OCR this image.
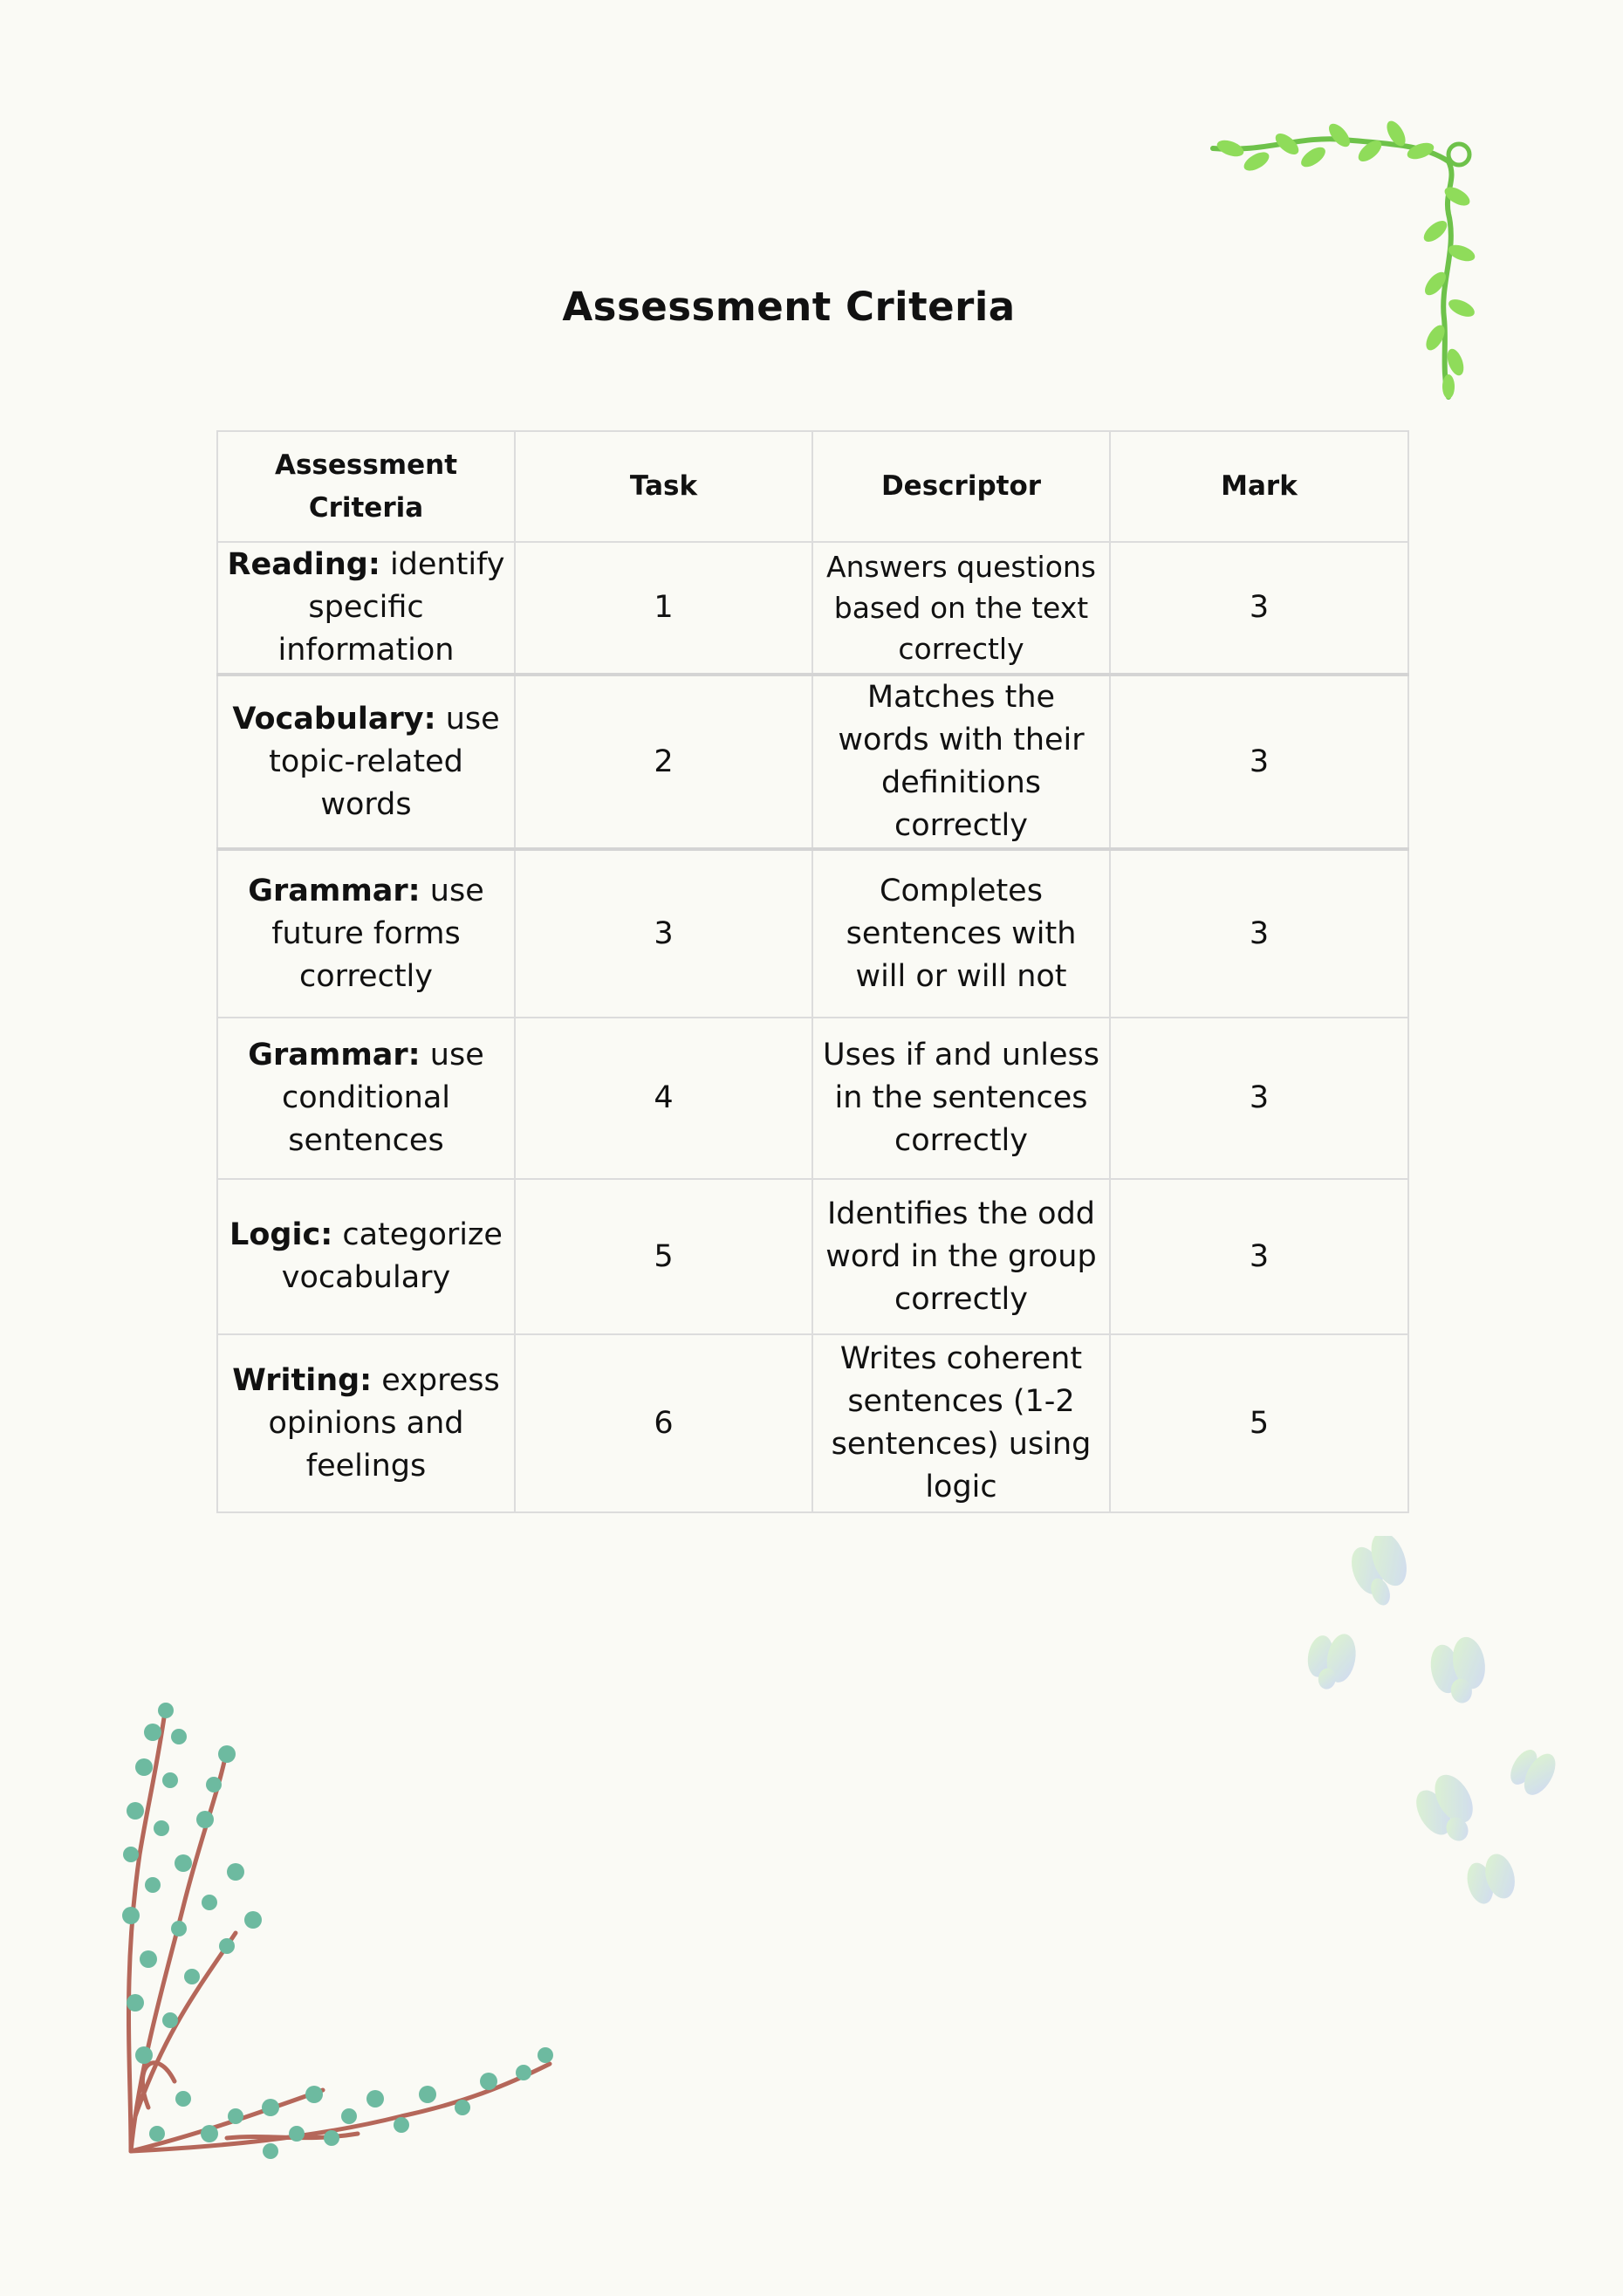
Assessment Criteria
Assessment Criteria	Task	Descriptor	Mark
Reading: identify specific information	1	Answers questions based on the text correctly	3
Vocabulary: use topic-related words	2	Matches the words with their definitions correctly	3
Grammar: use future forms correctly	3	Completes sentences with will or will not	3
Grammar: use conditional sentences	4	Uses if and unless in the sentences correctly	3
Logic: categorize vocabulary	5	Identifies the odd word in the group correctly	3
Writing: express opinions and feelings	6	Writes coherent sentences (1-2 sentences) using logic	5
